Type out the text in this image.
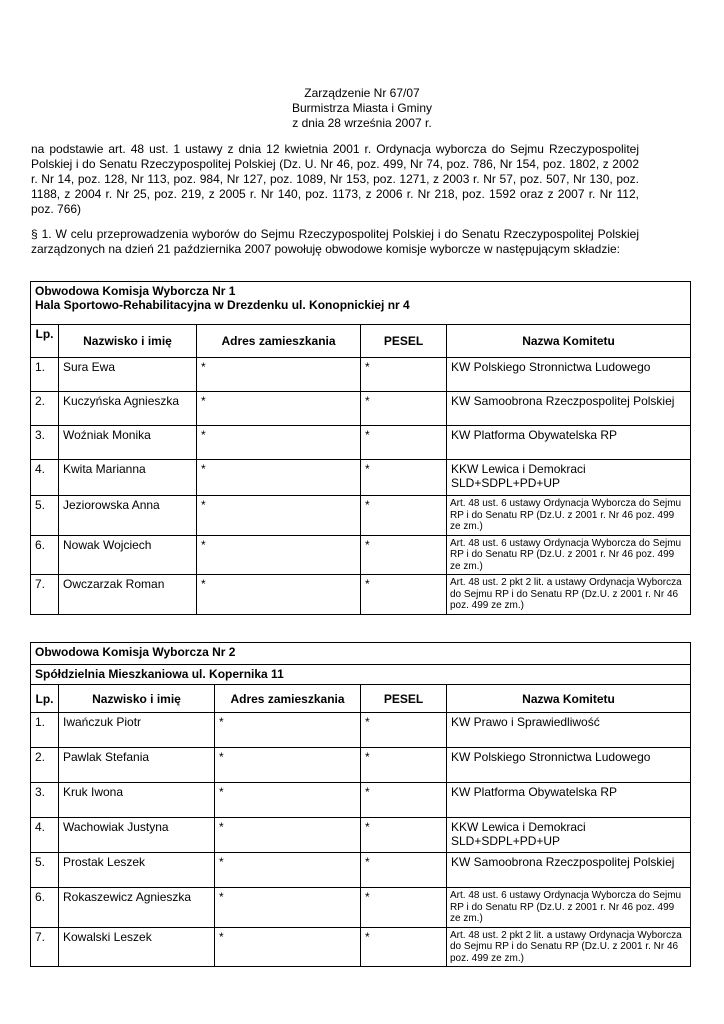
Zarządzenie Nr 67/07
Burmistrza Miasta i Gminy
z dnia 28 września 2007 r.

na podstawie art. 48 ust. 1 ustawy z dnia 12 kwietnia 2001 r. Ordynacja wyborcza do Sejmu Rzeczypospolitej Polskiej i do Senatu Rzeczypospolitej Polskiej (Dz. U. Nr 46, poz. 499, Nr 74, poz. 786, Nr 154, poz. 1802, z 2002 r. Nr 14, poz. 128, Nr 113, poz. 984, Nr 127, poz. 1089, Nr 153, poz. 1271, z 2003 r. Nr 57, poz. 507, Nr 130, poz. 1188, z 2004 r. Nr 25, poz. 219, z 2005 r. Nr 140, poz. 1173, z 2006 r. Nr 218, poz. 1592 oraz z 2007 r. Nr 112, poz. 766)

§ 1. W celu przeprowadzenia wyborów do Sejmu Rzeczypospolitej Polskiej i do Senatu Rzeczypospolitej Polskiej zarządzonych na dzień 21 października 2007 powołuję obwodowe komisje wyborcze w następującym składzie:

Obwodowa Komisja Wyborcza Nr 1
Hala Sportowo-Rehabilitacyjna w Drezdenku ul. Konopnickiej nr 4				

Lp.	Nazwisko i imię	Adres zamieszkania	PESEL	Nazwa Komitetu
1.	Sura Ewa	*	*	KW Polskiego Stronnictwa Ludowego
2.	Kuczyńska Agnieszka	*	*	KW Samoobrona Rzeczpospolitej Polskiej
3.	Woźniak Monika	*	*	KW Platforma Obywatelska RP
4.	Kwita Marianna	*	*	KKW Lewica i Demokraci SLD+SDPL+PD+UP
5.	Jeziorowska Anna	*	*	Art. 48 ust. 6 ustawy Ordynacja Wyborcza do Sejmu RP i do Senatu RP (Dz.U. z 2001 r. Nr 46 poz. 499 ze zm.)
6.	Nowak Wojciech	*	*	Art. 48 ust. 6 ustawy Ordynacja Wyborcza do Sejmu RP i do Senatu RP (Dz.U. z 2001 r. Nr 46 poz. 499 ze zm.)
7.	Owczarzak Roman	*	*	Art. 48 ust. 2 pkt 2 lit. a ustawy Ordynacja Wyborcza do Sejmu RP i do Senatu RP (Dz.U. z 2001 r. Nr 46 poz. 499 ze zm.)
Obwodowa Komisja Wyborcza Nr 2				
Spółdzielnia Mieszkaniowa ul. Kopernika 11				
Lp.	Nazwisko i imię	Adres zamieszkania	PESEL	Nazwa Komitetu
1.	Iwańczuk Piotr	*	*	KW Prawo i Sprawiedliwość
2.	Pawlak Stefania	*	*	KW Polskiego Stronnictwa Ludowego
3.	Kruk Iwona	*	*	KW Platforma Obywatelska RP
4.	Wachowiak Justyna	*	*	KKW Lewica i Demokraci SLD+SDPL+PD+UP
5.	Prostak Leszek	*	*	KW Samoobrona Rzeczpospolitej Polskiej
6.	Rokaszewicz Agnieszka	*	*	Art. 48 ust. 6 ustawy Ordynacja Wyborcza do Sejmu RP i do Senatu RP (Dz.U. z 2001 r. Nr 46 poz. 499 ze zm.)
7.	Kowalski Leszek	*	*	Art. 48 ust. 2 pkt 2 lit. a ustawy Ordynacja Wyborcza do Sejmu RP i do Senatu RP (Dz.U. z 2001 r. Nr 46 poz. 499 ze zm.)
